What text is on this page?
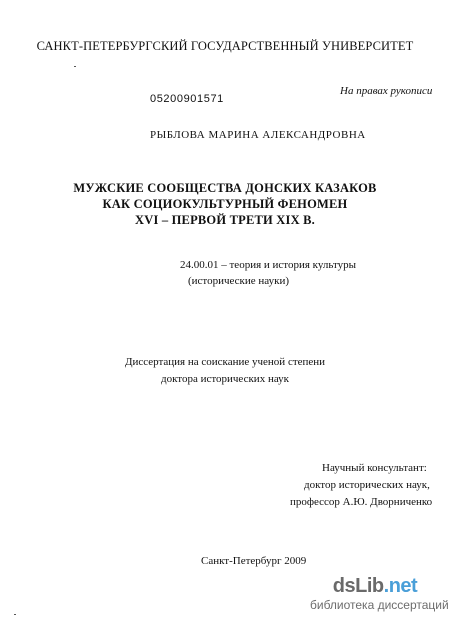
САНКТ-ПЕТЕРБУРГСКИЙ ГОСУДАРСТВЕННЫЙ УНИВЕРСИТЕТ
05200901571
На правах рукописи
РЫБЛОВА МАРИНА АЛЕКСАНДРОВНА
МУЖСКИЕ СООБЩЕСТВА ДОНСКИХ КАЗАКОВ
КАК СОЦИОКУЛЬТУРНЫЙ ФЕНОМЕН
XVI – ПЕРВОЙ ТРЕТИ XIX В.
24.00.01 – теория и история культуры
(исторические науки)
Диссертация на соискание ученой степени
доктора исторических наук
Научный консультант:
доктор исторических наук,
профессор А.Ю. Дворниченко
Санкт-Петербург 2009
dsLib.net
библиотека диссертаций
